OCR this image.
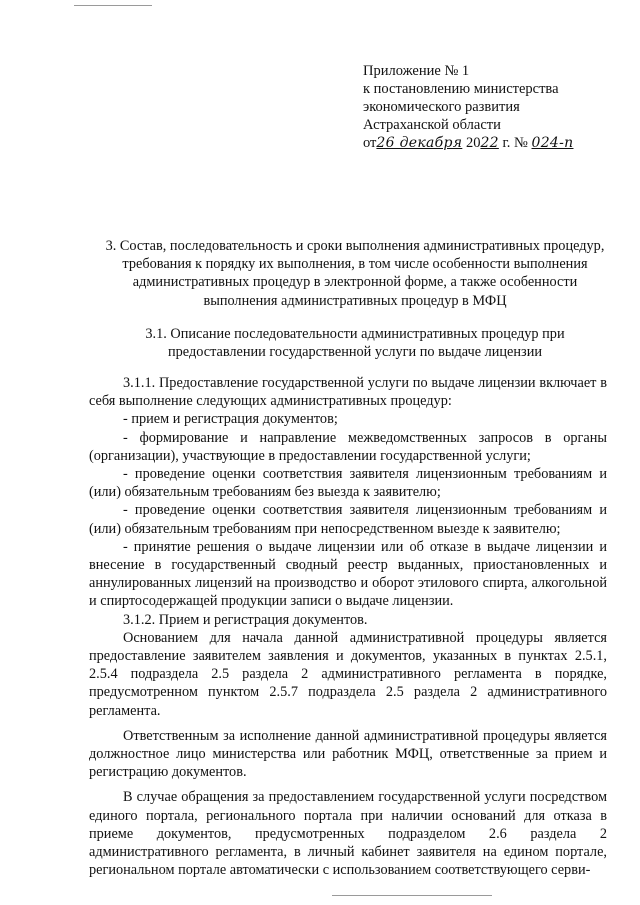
Приложение № 1
к постановлению министерства
экономического развития
Астраханской области
от26 декабря 2022 г. № 024-п
3. Состав, последовательность и сроки выполнения административных процедур, требования к порядку их выполнения, в том числе особенности выполнения административных процедур в электронной форме, а также особенности выполнения административных процедур в МФЦ
3.1. Описание последовательности административных процедур при предоставлении государственной услуги по выдаче лицензии

3.1.1. Предоставление государственной услуги по выдаче лицензии включает в себя выполнение следующих административных процедур:

- прием и регистрация документов;

- формирование и направление межведомственных запросов в органы (организации), участвующие в предоставлении государственной услуги;

- проведение оценки соответствия заявителя лицензионным требованиям и (или) обязательным требованиям без выезда к заявителю;

- проведение оценки соответствия заявителя лицензионным требованиям и (или) обязательным требованиям при непосредственном выезде к заявителю;

- принятие решения о выдаче лицензии или об отказе в выдаче лицензии и внесение в государственный сводный реестр выданных, приостановленных и аннулированных лицензий на производство и оборот этилового спирта, алкогольной и спиртосодержащей продукции записи о выдаче лицензии.

3.1.2. Прием и регистрация документов.

Основанием для начала данной административной процедуры является предоставление заявителем заявления и документов, указанных в пунктах 2.5.1, 2.5.4 подраздела 2.5 раздела 2 административного регламента в порядке, предусмотренном пунктом 2.5.7 подраздела 2.5 раздела 2 административного регламента.

Ответственным за исполнение данной административной процедуры является должностное лицо министерства или работник МФЦ, ответственные за прием и регистрацию документов.

В случае обращения за предоставлением государственной услуги посредством единого портала, регионального портала при наличии оснований для отказа в приеме документов, предусмотренных подразделом 2.6 раздела 2 административного регламента, в личный кабинет заявителя на едином портале, региональном портале автоматически с использованием соответствующего серви-
